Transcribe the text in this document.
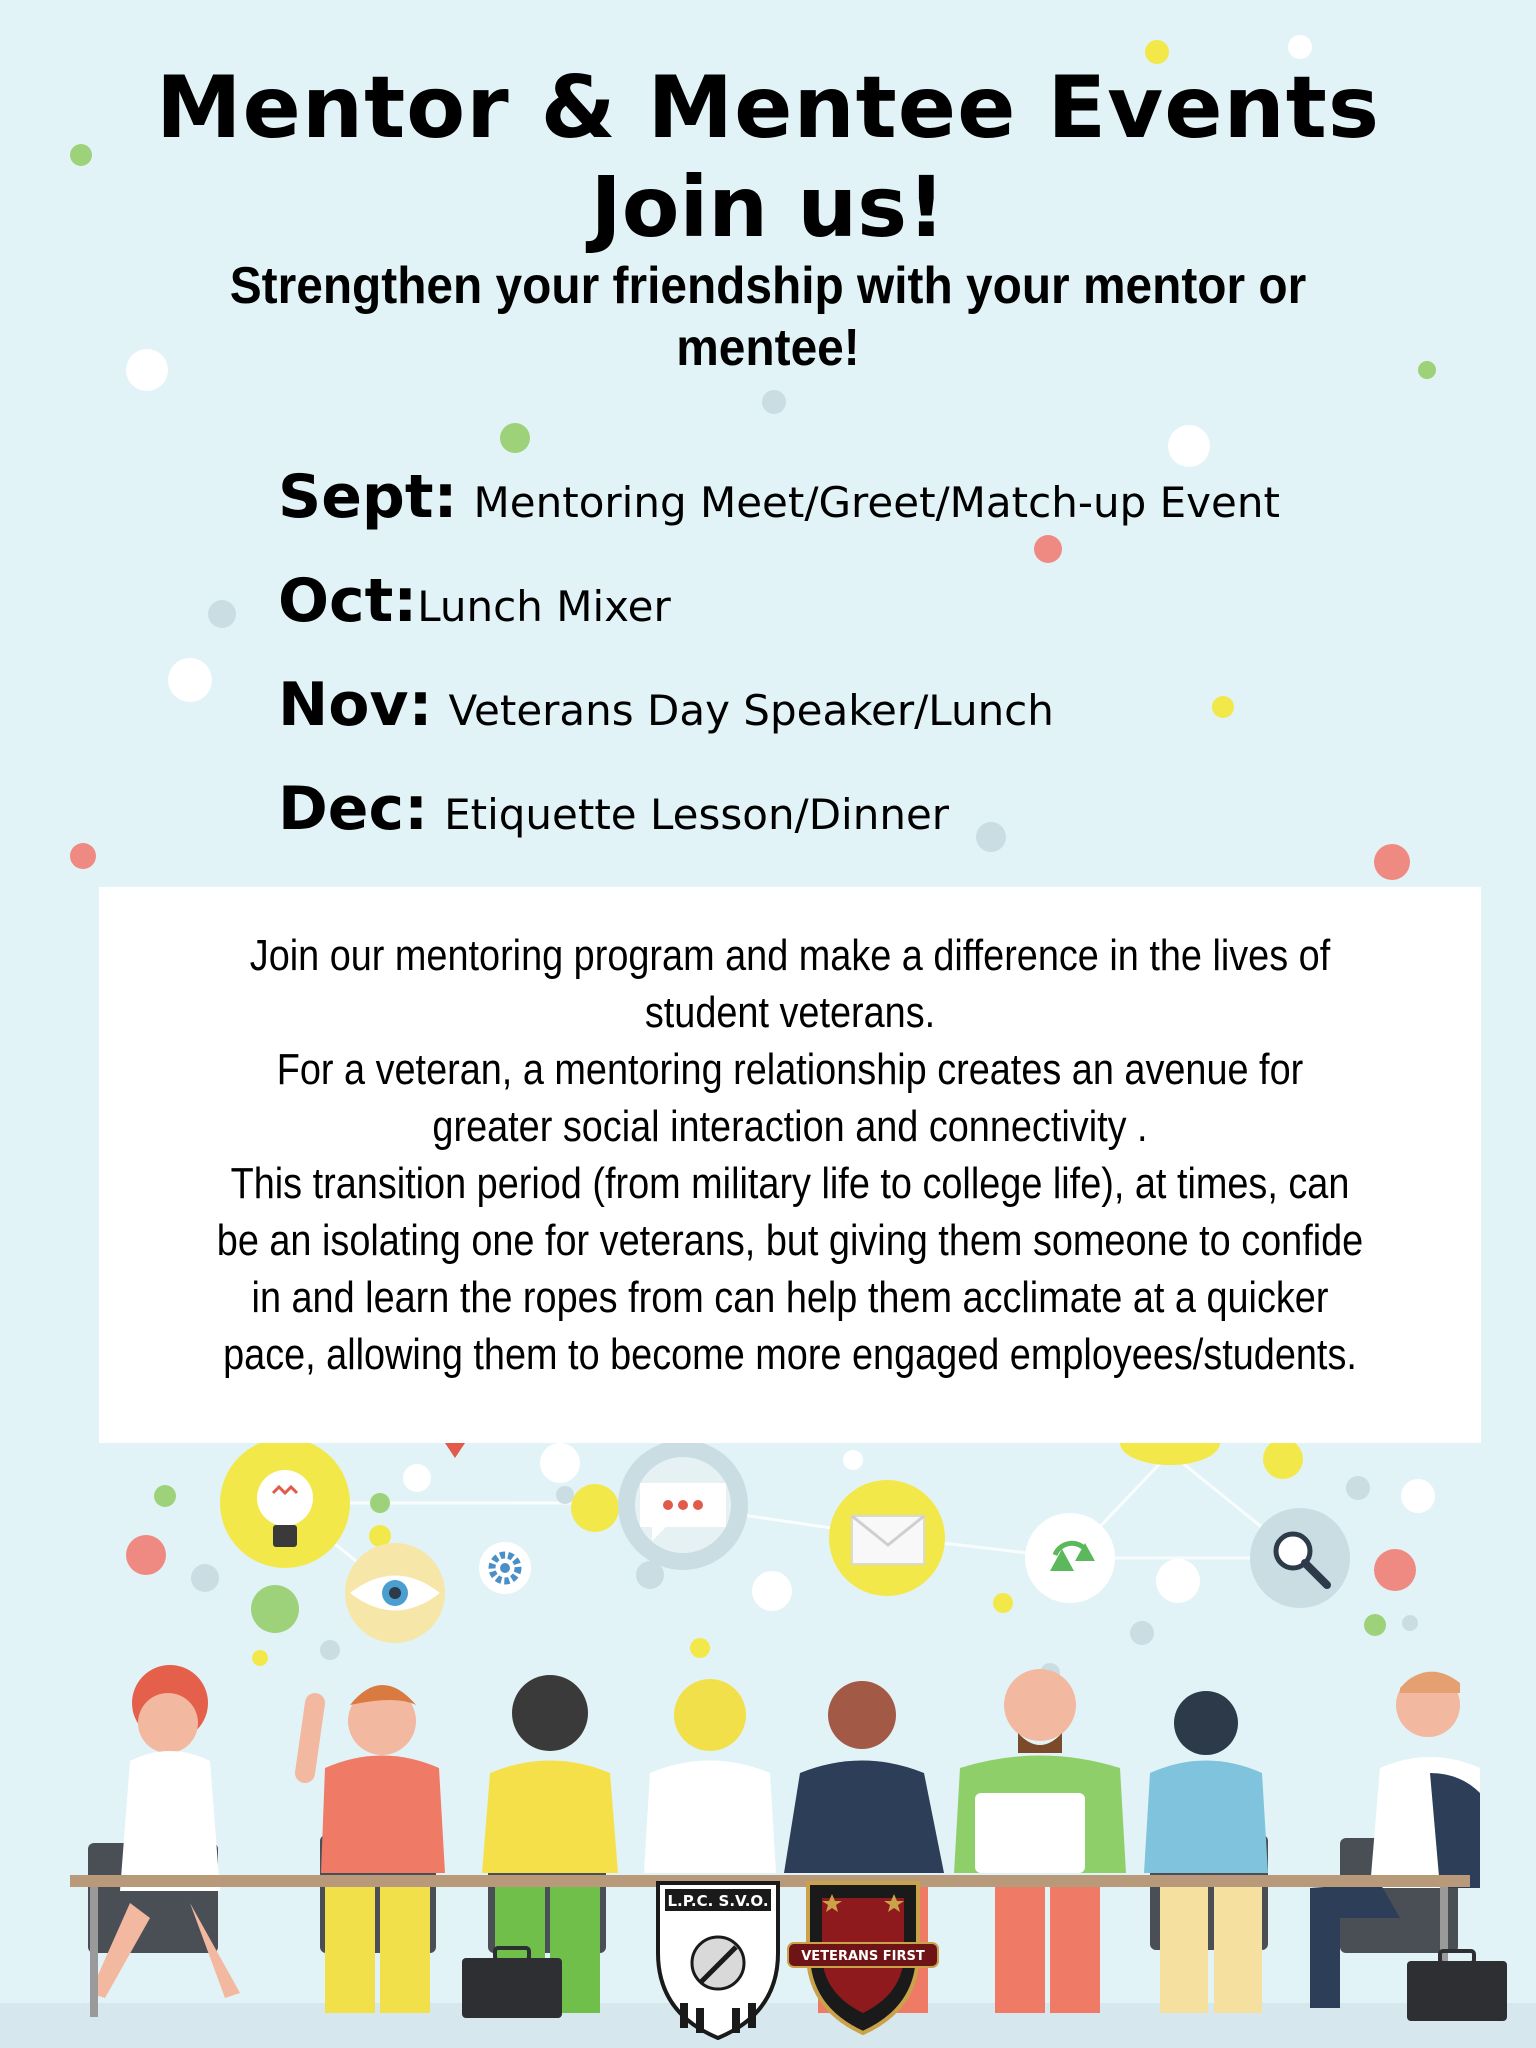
Mentor & Mentee Events
Join us!
Strengthen your friendship with your mentor or mentee!
Sept: Mentoring Meet/Greet/Match-up Event
Oct: Lunch Mixer
Nov: Veterans Day Speaker/Lunch
Dec: Etiquette Lesson/Dinner

Join our mentoring program and make a difference in the lives of student veterans.

For a veteran, a mentoring relationship creates an avenue for greater social interaction and connectivity .

This transition period (from military life to college life), at times, can be an isolating one for veterans, but giving them someone to confide in and learn the ropes from can help them acclimate at a quicker pace, allowing them to become more engaged employees/students.

L.P.C. S.V.O.
VETERANS FIRST
